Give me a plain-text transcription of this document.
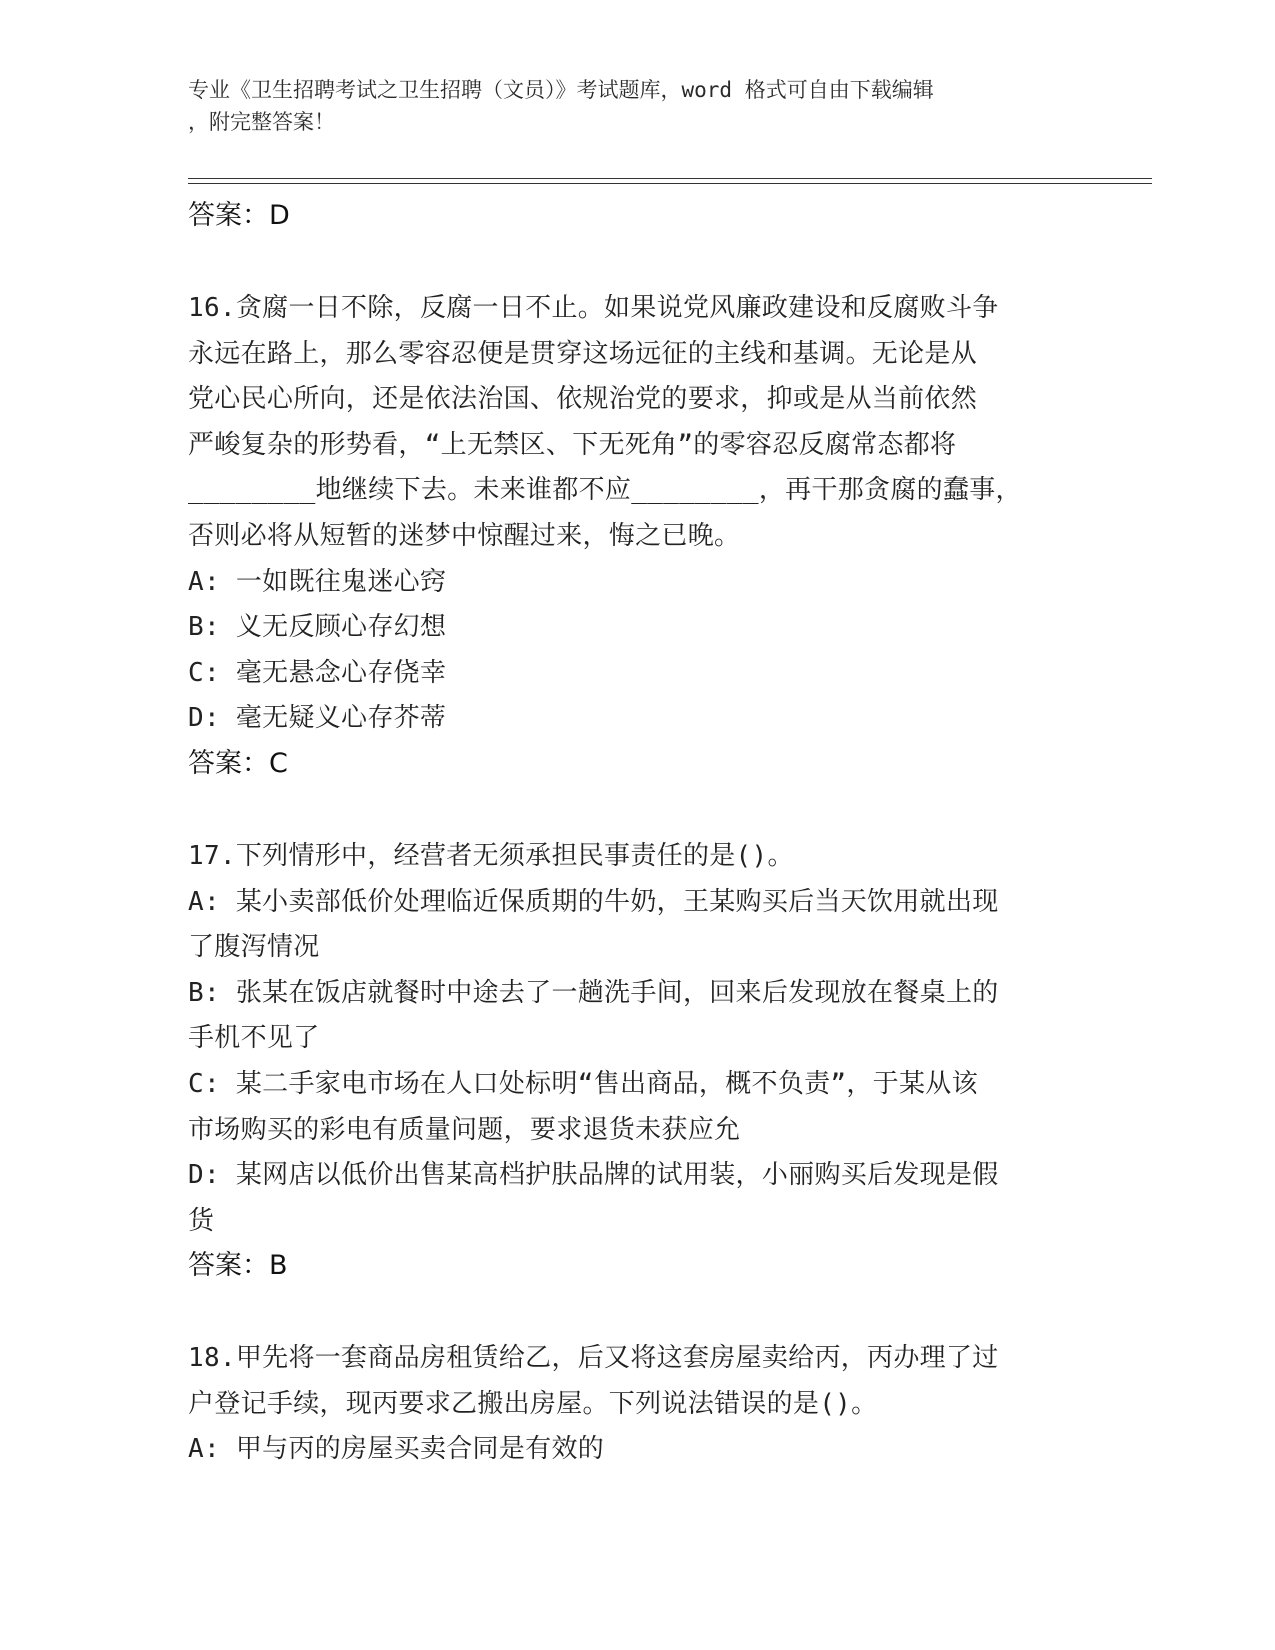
专业《卫生招聘考试之卫生招聘（文员）》考试题库，word 格式可自由下载编辑
，附完整答案！

答案：D

16.贪腐一日不除，反腐一日不止。如果说党风廉政建设和反腐败斗争
永远在路上，那么零容忍便是贯穿这场远征的主线和基调。无论是从
党心民心所向，还是依法治国、依规治党的要求，抑或是从当前依然
严峻复杂的形势看，“上无禁区、下无死角”的零容忍反腐常态都将
________地继续下去。未来谁都不应________，再干那贪腐的蠢事，
否则必将从短暂的迷梦中惊醒过来，悔之已晚。

A: 一如既往鬼迷心窍

B: 义无反顾心存幻想

C: 毫无悬念心存侥幸

D: 毫无疑义心存芥蒂

答案：C

17.下列情形中，经营者无须承担民事责任的是()。

A: 某小卖部低价处理临近保质期的牛奶，王某购买后当天饮用就出现
了腹泻情况

B: 张某在饭店就餐时中途去了一趟洗手间，回来后发现放在餐桌上的
手机不见了

C: 某二手家电市场在人口处标明“售出商品，概不负责”，于某从该
市场购买的彩电有质量问题，要求退货未获应允

D: 某网店以低价出售某高档护肤品牌的试用装，小丽购买后发现是假
货

答案：B

18.甲先将一套商品房租赁给乙，后又将这套房屋卖给丙，丙办理了过
户登记手续，现丙要求乙搬出房屋。下列说法错误的是()。

A: 甲与丙的房屋买卖合同是有效的
